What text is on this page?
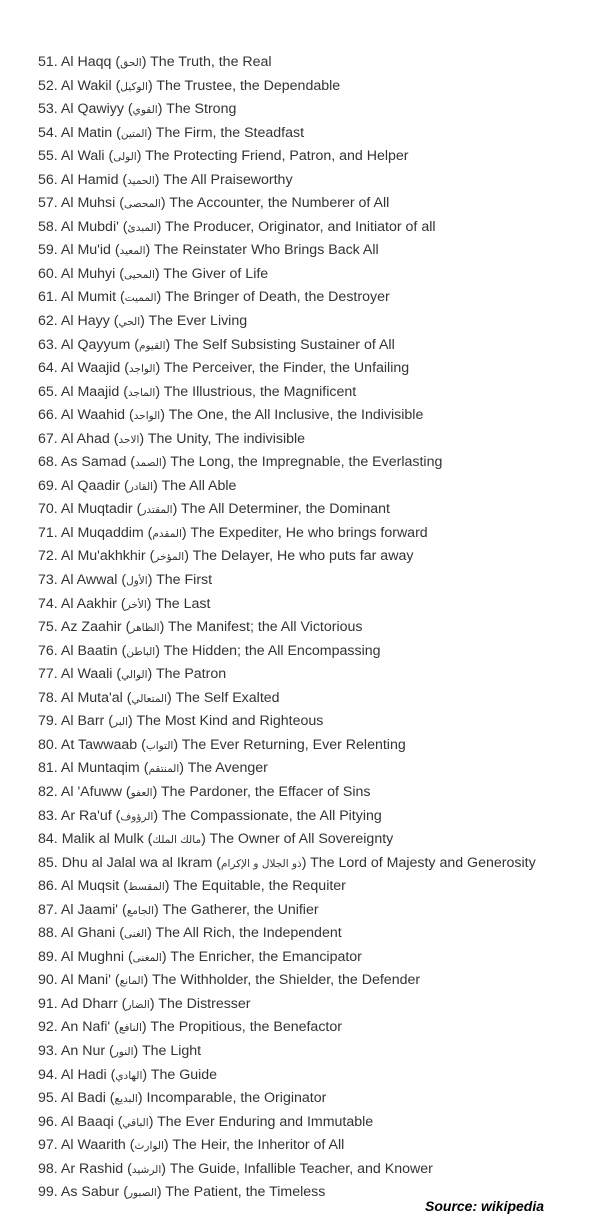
51. Al Haqq (الحق) The Truth, the Real
52. Al Wakil (الوكيل) The Trustee, the Dependable
53. Al Qawiyy (القوي) The Strong
54. Al Matin (المتين) The Firm, the Steadfast
55. Al Wali (الولى) The Protecting Friend, Patron, and Helper
56. Al Hamid (الحميد) The All Praiseworthy
57. Al Muhsi (المحصى) The Accounter, the Numberer of All
58. Al Mubdi' (المبدئ) The Producer, Originator, and Initiator of all
59. Al Mu'id (المعيد) The Reinstater Who Brings Back All
60. Al Muhyi (المحيى) The Giver of Life
61. Al Mumit (المميت) The Bringer of Death, the Destroyer
62. Al Hayy (الحي) The Ever Living
63. Al Qayyum (القيوم) The Self Subsisting Sustainer of All
64. Al Waajid (الواجد) The Perceiver, the Finder, the Unfailing
65. Al Maajid (الماجد) The Illustrious, the Magnificent
66. Al Waahid (الواحد) The One, the All Inclusive, the Indivisible
67. Al Ahad (الاحد) The Unity, The indivisible
68. As Samad (الصمد) The Long, the Impregnable, the Everlasting
69. Al Qaadir (القادر) The All Able
70. Al Muqtadir (المقتدر) The All Determiner, the Dominant
71. Al Muqaddim (المقدم) The Expediter, He who brings forward
72. Al Mu'akhkhir (المؤخر) The Delayer, He who puts far away
73. Al Awwal (الأول) The First
74. Al Aakhir (الأخر) The Last
75. Az Zaahir (الظاهر) The Manifest; the All Victorious
76. Al Baatin (الباطن) The Hidden; the All Encompassing
77. Al Waali (الوالي) The Patron
78. Al Muta'al (المتعالي) The Self Exalted
79. Al Barr (البر) The Most Kind and Righteous
80. At Tawwaab (التواب) The Ever Returning, Ever Relenting
81. Al Muntaqim (المنتقم) The Avenger
82. Al 'Afuww (العفو) The Pardoner, the Effacer of Sins
83. Ar Ra'uf (الرؤوف) The Compassionate, the All Pitying
84. Malik al Mulk (مالك الملك) The Owner of All Sovereignty
85. Dhu al Jalal wa al Ikram (ذو الجلال و الإكرام) The Lord of Majesty and Generosity
86. Al Muqsit (المقسط) The Equitable, the Requiter
87. Al Jaami' (الجامع) The Gatherer, the Unifier
88. Al Ghani (الغنى) The All Rich, the Independent
89. Al Mughni (المغنى) The Enricher, the Emancipator
90. Al Mani' (المانع) The Withholder, the Shielder, the Defender
91. Ad Dharr (الضار) The Distresser
92. An Nafi' (النافع) The Propitious, the Benefactor
93. An Nur (النور) The Light
94. Al Hadi (الهادي) The Guide
95. Al Badi (البديع) Incomparable, the Originator
96. Al Baaqi (الباقي) The Ever Enduring and Immutable
97. Al Waarith (الوارث) The Heir, the Inheritor of All
98. Ar Rashid (الرشيد) The Guide, Infallible Teacher, and Knower
99. As Sabur (الصبور) The Patient, the Timeless
Source: wikipedia
